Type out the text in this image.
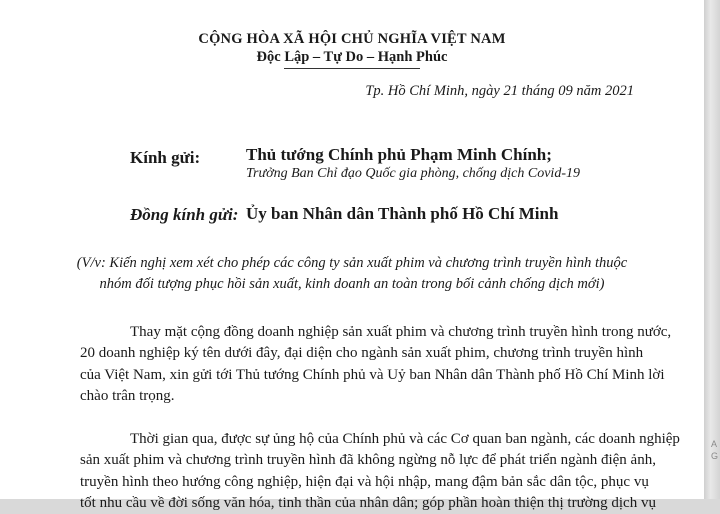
CỘNG HÒA XÃ HỘI CHỦ NGHĨA VIỆT NAM
Độc Lập – Tự Do – Hạnh Phúc
Tp. Hồ Chí Minh, ngày 21 tháng 09 năm 2021
Kính gửi:	Thủ tướng Chính phủ Phạm Minh Chính;
Trưởng Ban Chỉ đạo Quốc gia phòng, chống dịch Covid-19
Đồng kính gửi: Ủy ban Nhân dân Thành phố Hồ Chí Minh
(V/v: Kiến nghị xem xét cho phép các công ty sản xuất phim và chương trình truyền hình thuộc
nhóm đối tượng phục hồi sản xuất, kinh doanh an toàn trong bối cảnh chống dịch mới)
Thay mặt cộng đồng doanh nghiệp sản xuất phim và chương trình truyền hình trong nước,
20 doanh nghiệp ký tên dưới đây, đại diện cho ngành sản xuất phim, chương trình truyền hình
của Việt Nam, xin gửi tới Thủ tướng Chính phủ và Uỷ ban Nhân dân Thành phố Hồ Chí Minh lời
chào trân trọng.
Thời gian qua, được sự ủng hộ của Chính phủ và các Cơ quan ban ngành, các doanh nghiệp
sản xuất phim và chương trình truyền hình đã không ngừng nỗ lực để phát triển ngành điện ảnh,
truyền hình theo hướng công nghiệp, hiện đại và hội nhập, mang đậm bản sắc dân tộc, phục vụ
tốt nhu cầu về đời sống văn hóa, tinh thần của nhân dân; góp phần hoàn thiện thị trường dịch vụ
A
G
